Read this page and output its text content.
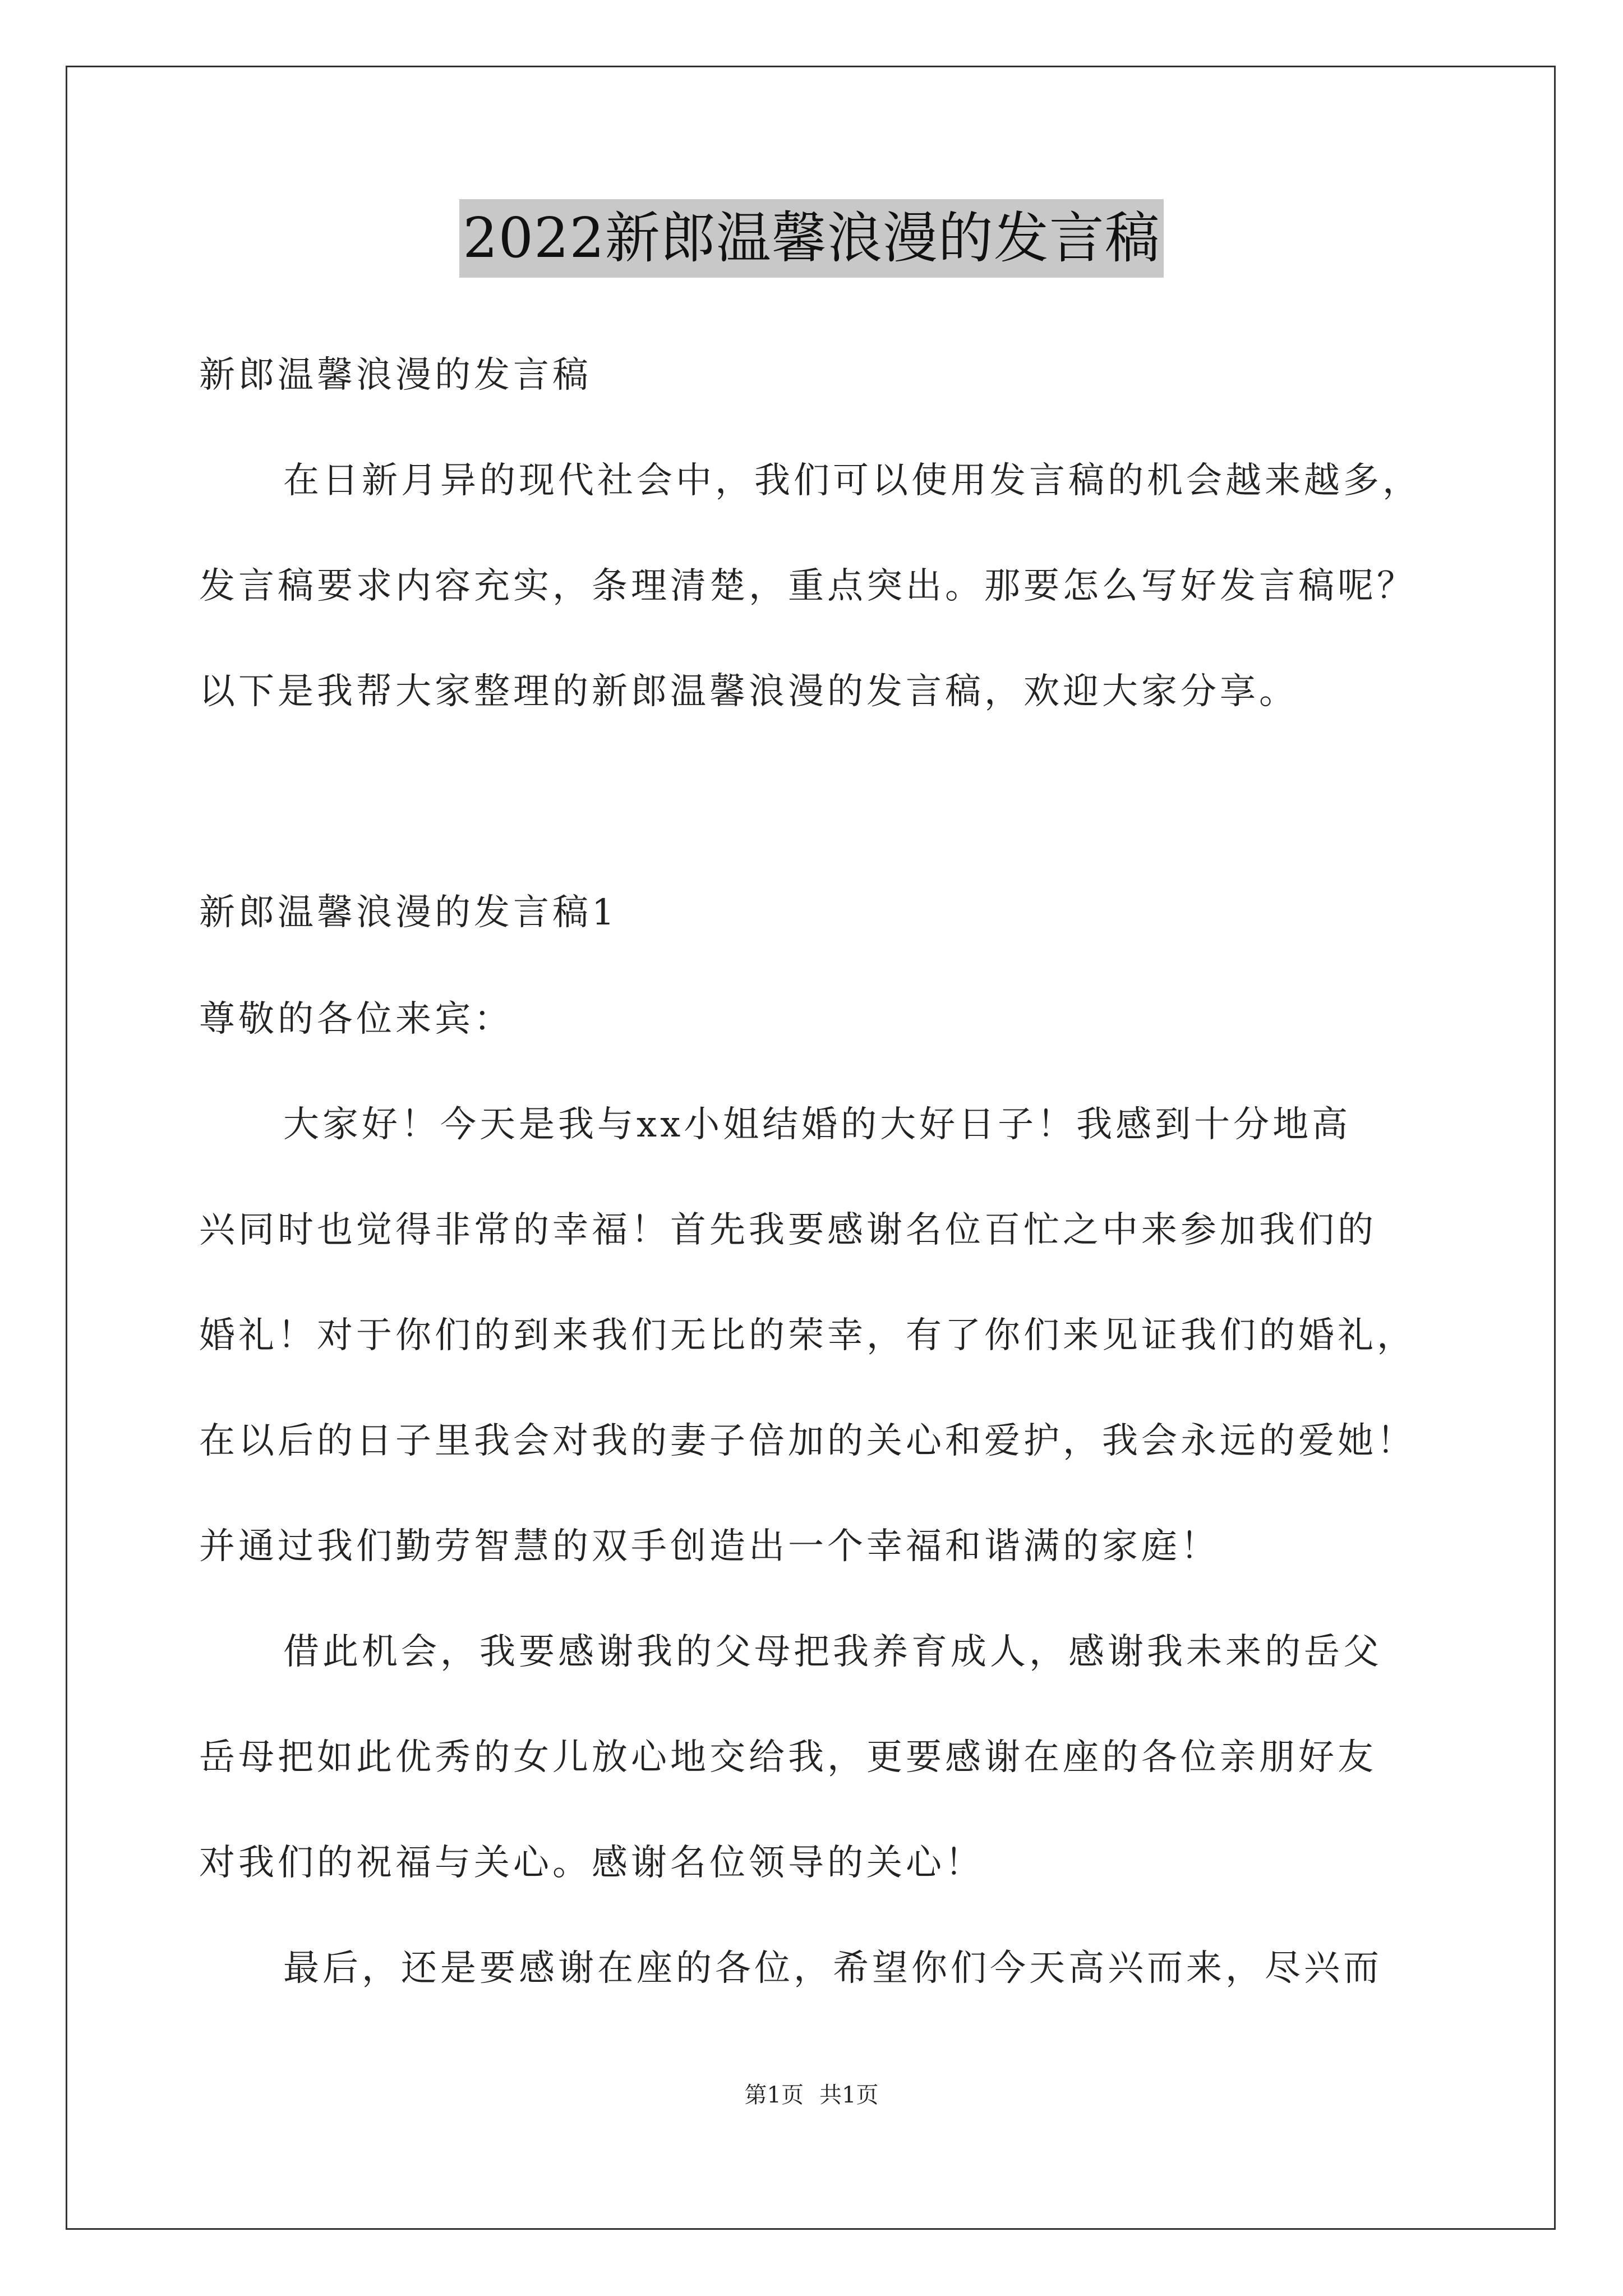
2022新郎温馨浪漫的发言稿
新郎温馨浪漫的发言稿
在日新月异的现代社会中，我们可以使用发言稿的机会越来越多，
发言稿要求内容充实，条理清楚，重点突出。那要怎么写好发言稿呢？
以下是我帮大家整理的新郎温馨浪漫的发言稿，欢迎大家分享。
新郎温馨浪漫的发言稿1
尊敬的各位来宾：
大家好！今天是我与xx小姐结婚的大好日子！我感到十分地高
兴同时也觉得非常的幸福！首先我要感谢名位百忙之中来参加我们的
婚礼！对于你们的到来我们无比的荣幸，有了你们来见证我们的婚礼，
在以后的日子里我会对我的妻子倍加的关心和爱护，我会永远的爱她！
并通过我们勤劳智慧的双手创造出一个幸福和谐满的家庭！
借此机会，我要感谢我的父母把我养育成人，感谢我未来的岳父
岳母把如此优秀的女儿放心地交给我，更要感谢在座的各位亲朋好友
对我们的祝福与关心。感谢名位领导的关心！
最后，还是要感谢在座的各位，希望你们今天高兴而来，尽兴而
第1页 共1页
